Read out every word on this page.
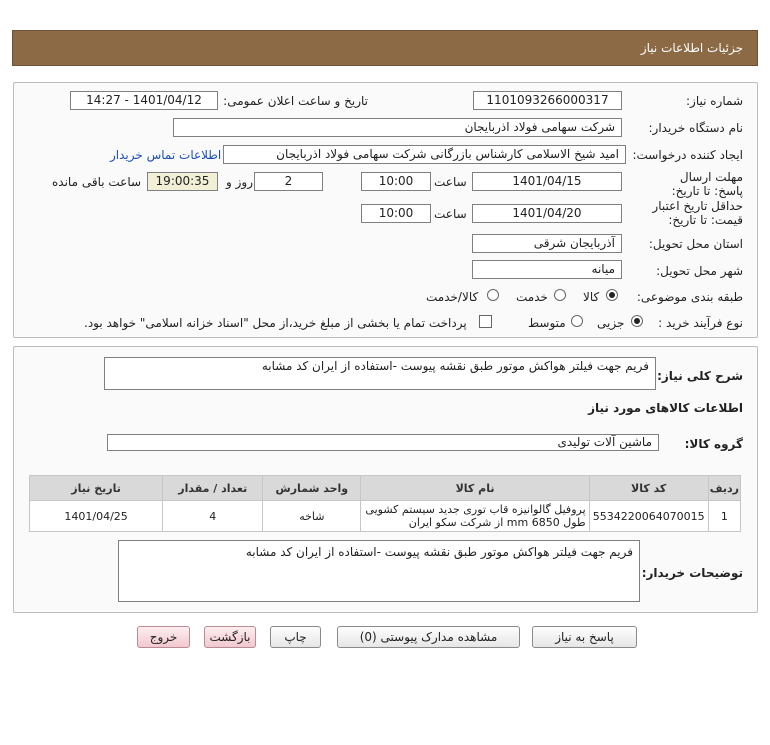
جزئیات اطلاعات نیاز
شماره نیاز:
1101093266000317
تاریخ و ساعت اعلان عمومی:
1401/04/12 - 14:27
نام دستگاه خریدار:
شرکت سهامی فولاد اذربایجان
ایجاد کننده درخواست:
امید شیخ الاسلامی کارشناس بازرگانی شرکت سهامی فولاد اذربایجان
اطلاعات تماس خریدار
مهلت ارسال پاسخ: تا تاریخ:
1401/04/15
ساعت
10:00
2
روز و
19:00:35
ساعت باقی مانده
حداقل تاریخ اعتبار قیمت: تا تاریخ:
1401/04/20
ساعت
10:00
استان محل تحویل:
آذربایجان شرقی
شهر محل تحویل:
میانه
طبقه بندی موضوعی:
کالا
خدمت
کالا/خدمت
نوع فرآیند خرید :
جزیی
متوسط
پرداخت تمام یا بخشی از مبلغ خرید،از محل "اسناد خزانه اسلامی" خواهد بود.
شرح کلی نیاز:
فریم جهت فیلتر هواکش موتور طبق نقشه پیوست -استفاده از ایران کد مشابه
اطلاعات کالاهای مورد نیاز
گروه کالا:
ماشین آلات تولیدی
ردیف	کد کالا	نام کالا	واحد شمارش	تعداد / مقدار	تاریخ نیاز
1	5534220064070015	پروفیل گالوانیزه قاب توری جدید سیستم کشویی طول 6850 mm از شرکت سکو ایران	شاخه	4	1401/04/25
توضیحات خریدار:
فریم جهت فیلتر هواکش موتور طبق نقشه پیوست -استفاده از ایران کد مشابه
پاسخ به نیاز
مشاهده مدارک پیوستی (0)
چاپ
بازگشت
خروج
